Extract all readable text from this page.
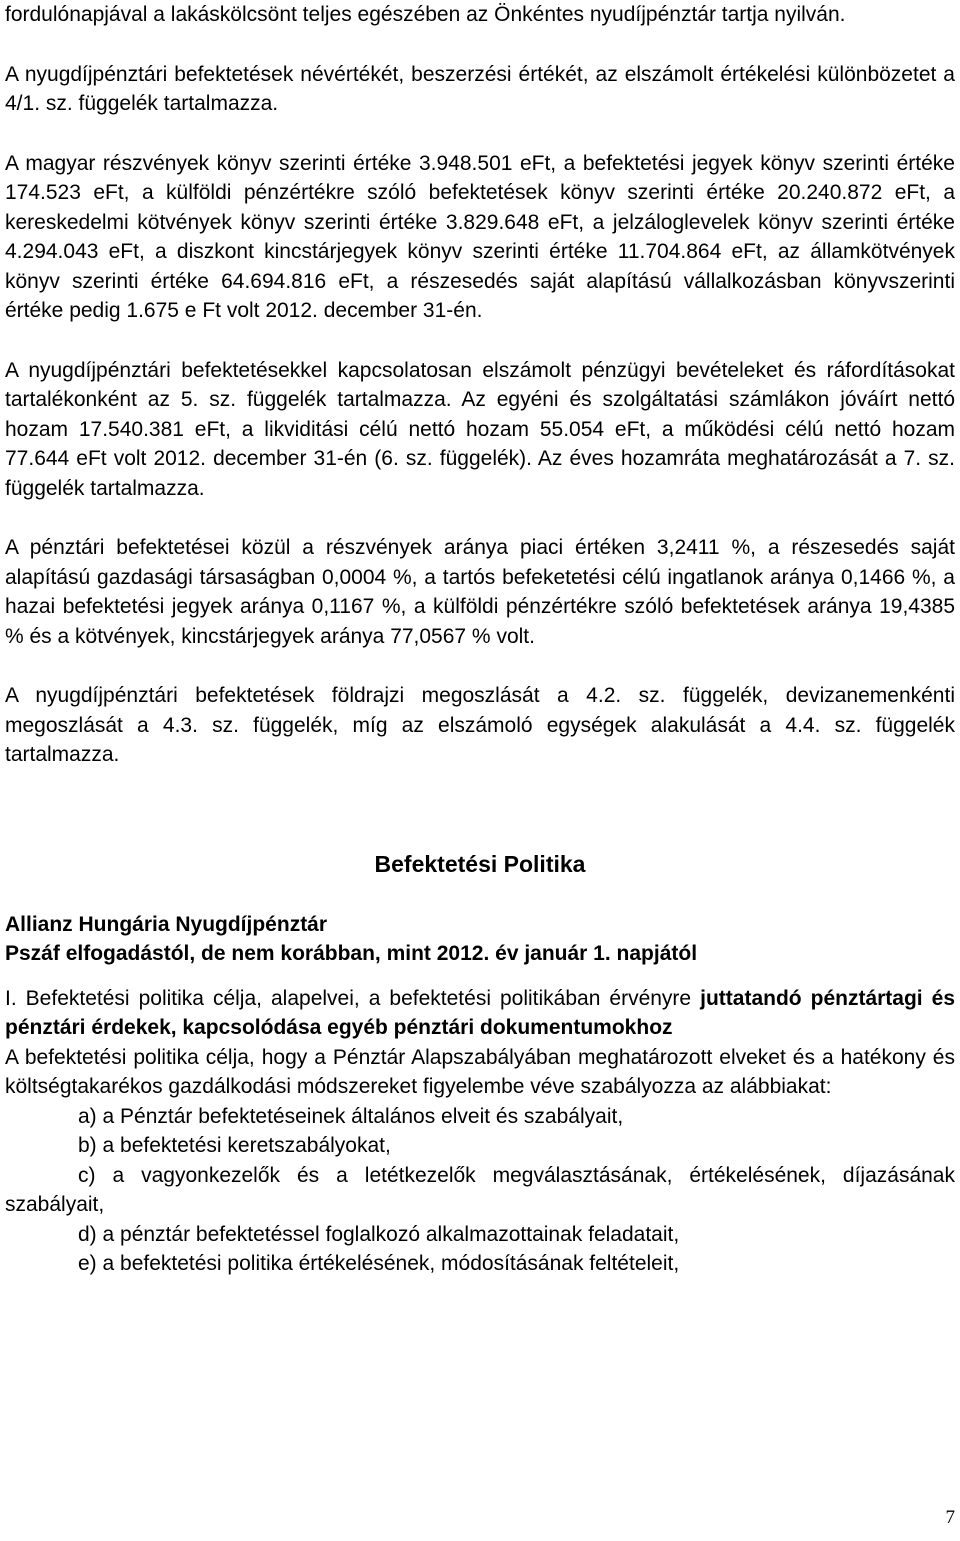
fordulónapjával a lakáskölcsönt teljes egészében az Önkéntes nyudíjpénztár tartja nyilván.

A nyugdíjpénztári befektetések névértékét, beszerzési értékét, az elszámolt értékelési különbözetet a 4/1. sz. függelék tartalmazza.

A magyar részvények könyv szerinti értéke 3.948.501 eFt, a befektetési jegyek könyv szerinti értéke 174.523 eFt, a külföldi pénzértékre szóló befektetések könyv szerinti értéke 20.240.872 eFt, a kereskedelmi kötvények könyv szerinti értéke 3.829.648 eFt, a jelzáloglevelek könyv szerinti értéke 4.294.043 eFt, a diszkont kincstárjegyek könyv szerinti értéke 11.704.864 eFt, az államkötvények könyv szerinti értéke 64.694.816 eFt, a részesedés saját alapítású vállalkozásban könyvszerinti értéke pedig 1.675 e Ft volt 2012. december 31-én.

A nyugdíjpénztári befektetésekkel kapcsolatosan elszámolt pénzügyi bevételeket és ráfordításokat tartalékonként az 5. sz. függelék tartalmazza. Az egyéni és szolgáltatási számlákon jóváírt nettó hozam 17.540.381 eFt, a likviditási célú nettó hozam 55.054 eFt, a működési célú nettó hozam 77.644 eFt volt 2012. december 31-én (6. sz. függelék). Az éves hozamráta meghatározását a 7. sz. függelék tartalmazza.

A pénztári befektetései közül a részvények aránya piaci értéken 3,2411 %, a részesedés saját alapítású gazdasági társaságban 0,0004 %, a tartós befeketetési célú ingatlanok aránya 0,1466 %, a hazai befektetési jegyek aránya 0,1167 %, a külföldi pénzértékre szóló befektetések aránya 19,4385 % és a kötvények, kincstárjegyek aránya 77,0567 % volt.

A nyugdíjpénztári befektetések földrajzi megoszlását a 4.2. sz. függelék, devizanemenkénti megoszlását a 4.3. sz. függelék, míg az elszámoló egységek alakulását a 4.4. sz. függelék tartalmazza.

Befektetési Politika

Allianz Hungária Nyugdíjpénztár

Pszáf elfogadástól, de nem korábban, mint 2012. év január 1. napjától

I. Befektetési politika célja, alapelvei, a befektetési politikában érvényre juttatandó pénztártagi és pénztári érdekek, kapcsolódása egyéb pénztári dokumentumokhoz

A befektetési politika célja, hogy a Pénztár Alapszabályában meghatározott elveket és a hatékony és költségtakarékos gazdálkodási módszereket figyelembe véve szabályozza az alábbiakat:

a) a Pénztár befektetéseinek általános elveit és szabályait,
b) a befektetési keretszabályokat,
c) a vagyonkezelők és a letétkezelők megválasztásának, értékelésének, díjazásának szabályait,
d) a pénztár befektetéssel foglalkozó alkalmazottainak feladatait,
e) a befektetési politika értékelésének, módosításának feltételeit,
7
